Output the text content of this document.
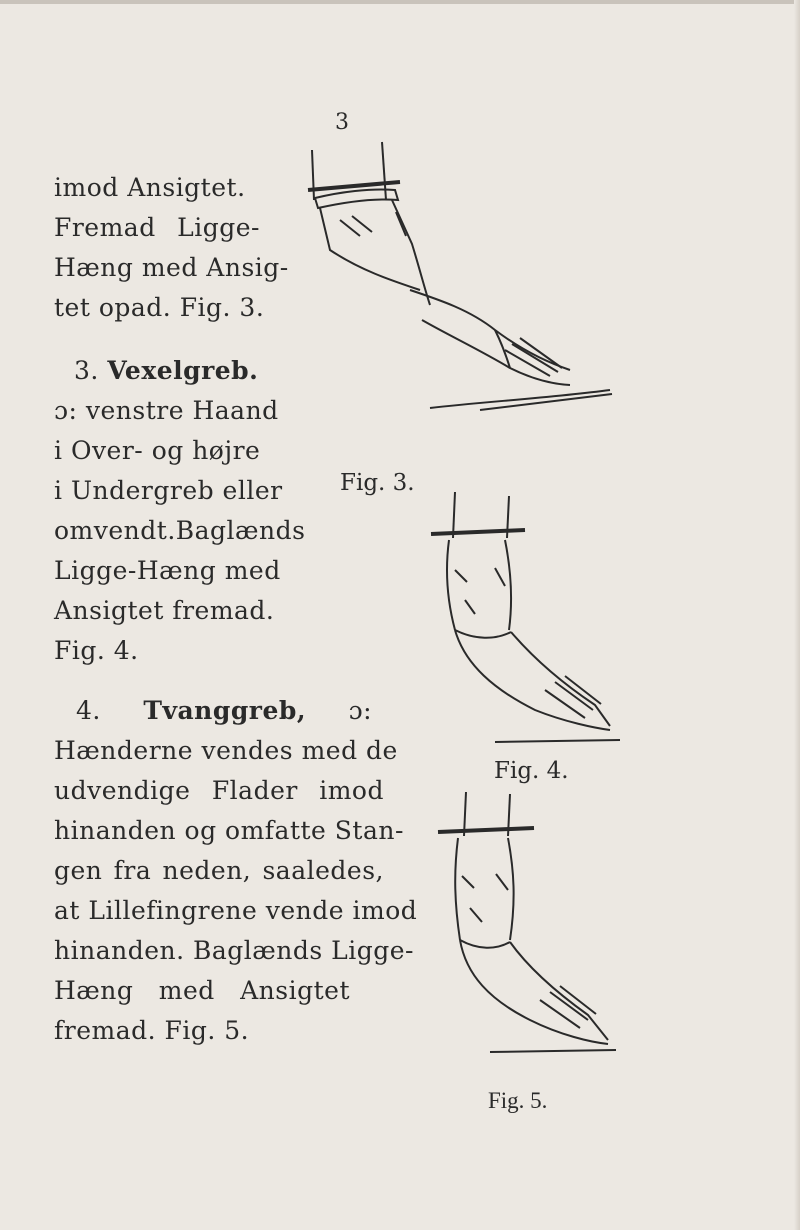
3
imod Ansigtet.
Fremad Ligge-
Hæng med Ansig-
tet opad. Fig. 3.
3. Vexelgreb.
ɔ: venstre Haand
i Over- og højre
i Undergreb eller
omvendt.Baglænds
Ligge-Hæng med
Ansigtet fremad.
Fig. 4.
4. Tvanggreb, ɔ:
Hænderne vendes med de
udvendige Flader imod
hinanden og omfatte Stan-
gen fra neden, saaledes,
at Lillefingrene vende imod
hinanden. Baglænds Ligge-
Hæng med Ansigtet
fremad. Fig. 5.
Fig. 3.
Fig. 4.
Fig. 5.
